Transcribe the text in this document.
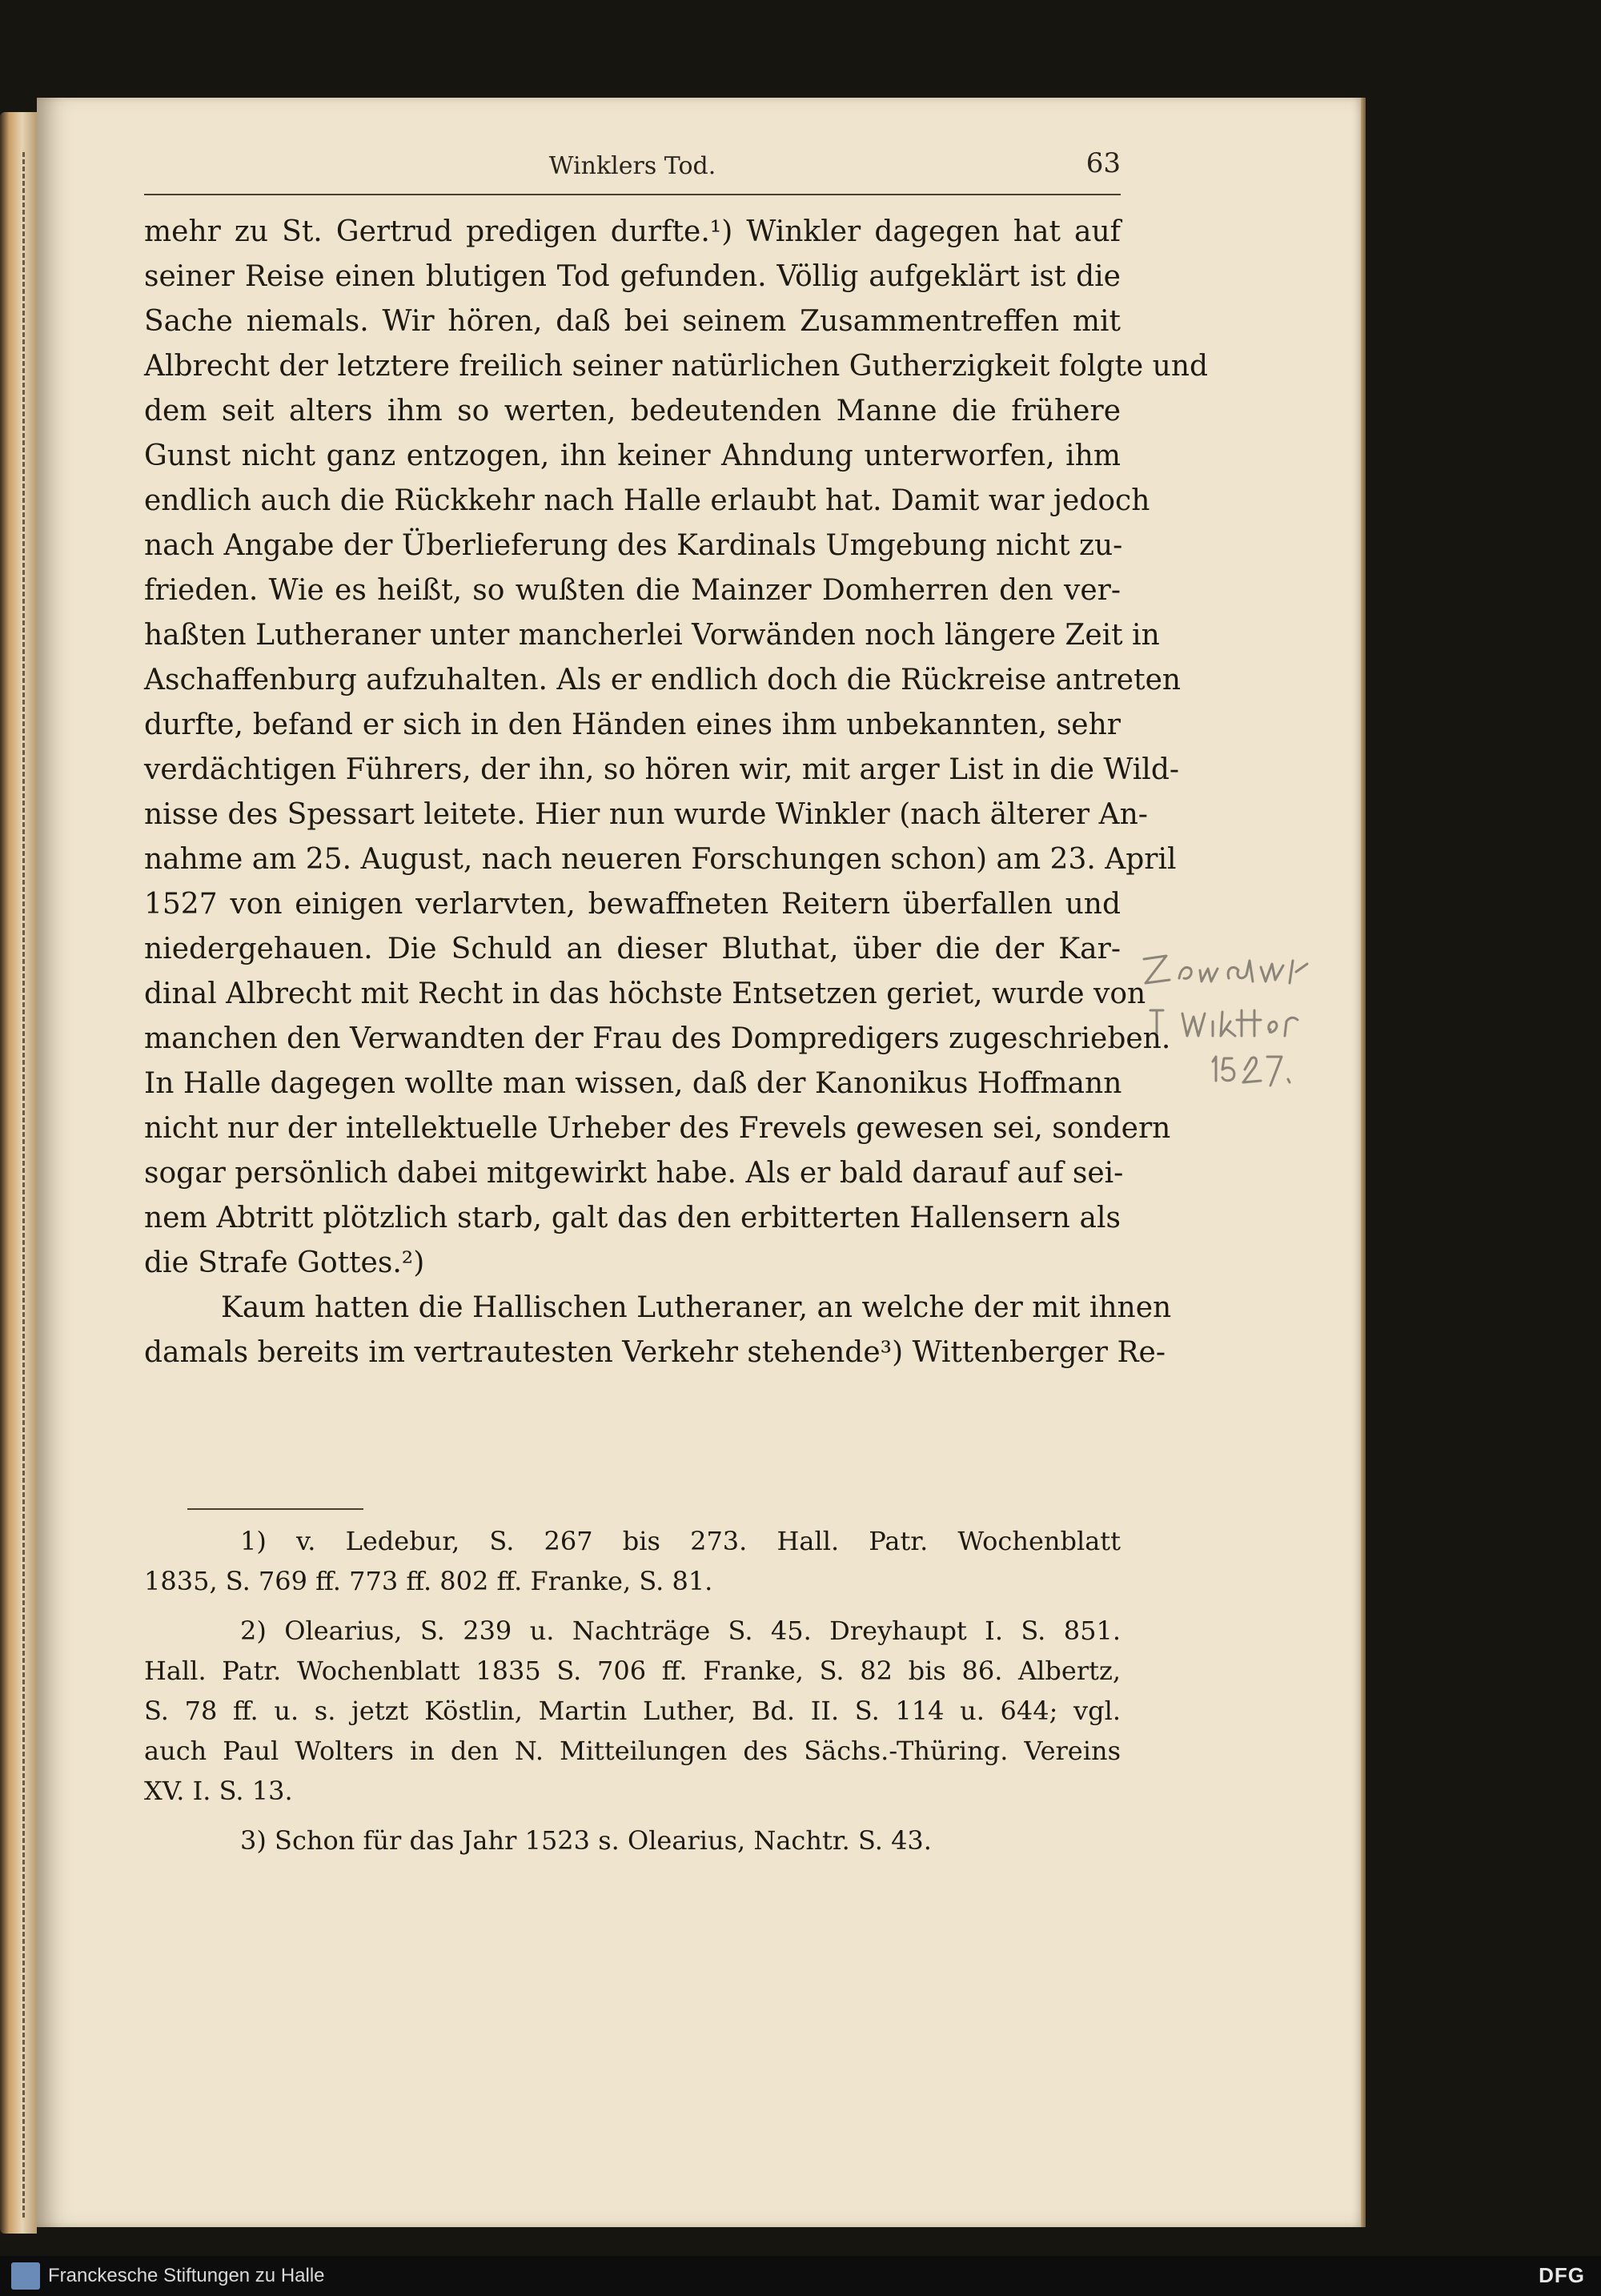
Winklers Tod.	63
mehr zu St. Gertrud predigen durfte.¹) Winkler dagegen hat auf
seiner Reise einen blutigen Tod gefunden. Völlig aufgeklärt ist die
Sache niemals. Wir hören, daß bei seinem Zusammentreffen mit
Albrecht der letztere freilich seiner natürlichen Gutherzigkeit folgte und
dem seit alters ihm so werten, bedeutenden Manne die frühere
Gunst nicht ganz entzogen, ihn keiner Ahndung unterworfen, ihm
endlich auch die Rückkehr nach Halle erlaubt hat. Damit war jedoch
nach Angabe der Überlieferung des Kardinals Umgebung nicht zu-
frieden. Wie es heißt, so wußten die Mainzer Domherren den ver-
haßten Lutheraner unter mancherlei Vorwänden noch längere Zeit in
Aschaffenburg aufzuhalten. Als er endlich doch die Rückreise antreten
durfte, befand er sich in den Händen eines ihm unbekannten, sehr
verdächtigen Führers, der ihn, so hören wir, mit arger List in die Wild-
nisse des Spessart leitete. Hier nun wurde Winkler (nach älterer An-
nahme am 25. August, nach neueren Forschungen schon) am 23. April
1527 von einigen verlarvten, bewaffneten Reitern überfallen und
niedergehauen. Die Schuld an dieser Bluthat, über die der Kar-
dinal Albrecht mit Recht in das höchste Entsetzen geriet, wurde von
manchen den Verwandten der Frau des Dompredigers zugeschrieben.
In Halle dagegen wollte man wissen, daß der Kanonikus Hoffmann
nicht nur der intellektuelle Urheber des Frevels gewesen sei, sondern
sogar persönlich dabei mitgewirkt habe. Als er bald darauf auf sei-
nem Abtritt plötzlich starb, galt das den erbitterten Hallensern als
die Strafe Gottes.²)
Kaum hatten die Hallischen Lutheraner, an welche der mit ihnen
damals bereits im vertrautesten Verkehr stehende³) Wittenberger Re-
1) v. Ledebur, S. 267 bis 273. Hall. Patr. Wochenblatt
1835, S. 769 ff. 773 ff. 802 ff. Franke, S. 81.
2) Olearius, S. 239 u. Nachträge S. 45. Dreyhaupt I. S. 851.
Hall. Patr. Wochenblatt 1835 S. 706 ff. Franke, S. 82 bis 86. Albertz,
S. 78 ff. u. s. jetzt Köstlin, Martin Luther, Bd. II. S. 114 u. 644; vgl.
auch Paul Wolters in den N. Mitteilungen des Sächs.-Thüring. Vereins
XV. I. S. 13.
3) Schon für das Jahr 1523 s. Olearius, Nachtr. S. 43.
Franckesche Stiftungen zu Halle	DFG
